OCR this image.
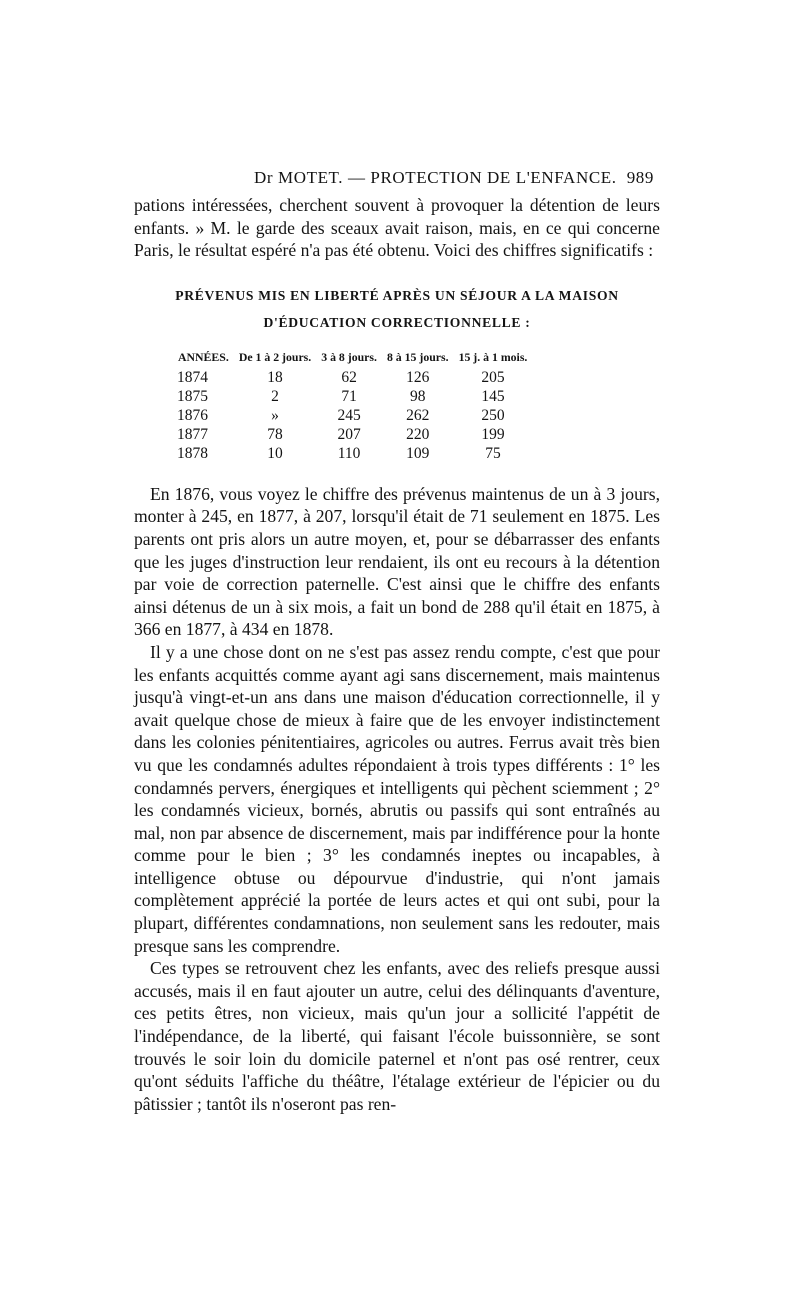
Dr MOTET. — PROTECTION DE L'ENFANCE. 989

pations intéressées, cherchent souvent à provoquer la détention de leurs enfants. » M. le garde des sceaux avait raison, mais, en ce qui concerne Paris, le résultat espéré n'a pas été obtenu. Voici des chiffres significatifs :

PRÉVENUS MIS EN LIBERTÉ APRÈS UN SÉJOUR A LA MAISON
D'ÉDUCATION CORRECTIONNELLE :
ANNÉES.	De 1 à 2 jours.	3 à 8 jours.	8 à 15 jours.	15 j. à 1 mois.
1874	18	62	126	205
1875	2	71	98	145
1876	»	245	262	250
1877	78	207	220	199
1878	10	110	109	75

En 1876, vous voyez le chiffre des prévenus maintenus de un à 3 jours, monter à 245, en 1877, à 207, lorsqu'il était de 71 seulement en 1875. Les parents ont pris alors un autre moyen, et, pour se débarrasser des enfants que les juges d'instruction leur rendaient, ils ont eu recours à la détention par voie de correction paternelle. C'est ainsi que le chiffre des enfants ainsi détenus de un à six mois, a fait un bond de 288 qu'il était en 1875, à 366 en 1877, à 434 en 1878.

Il y a une chose dont on ne s'est pas assez rendu compte, c'est que pour les enfants acquittés comme ayant agi sans discernement, mais maintenus jusqu'à vingt-et-un ans dans une maison d'éducation correctionnelle, il y avait quelque chose de mieux à faire que de les envoyer indistinctement dans les colonies pénitentiaires, agricoles ou autres. Ferrus avait très bien vu que les condamnés adultes répondaient à trois types différents : 1° les condamnés pervers, énergiques et intelligents qui pèchent sciemment ; 2° les condamnés vicieux, bornés, abrutis ou passifs qui sont entraînés au mal, non par absence de discernement, mais par indifférence pour la honte comme pour le bien ; 3° les condamnés ineptes ou incapables, à intelligence obtuse ou dépourvue d'industrie, qui n'ont jamais complètement apprécié la portée de leurs actes et qui ont subi, pour la plupart, différentes condamnations, non seulement sans les redouter, mais presque sans les comprendre.

Ces types se retrouvent chez les enfants, avec des reliefs presque aussi accusés, mais il en faut ajouter un autre, celui des délinquants d'aventure, ces petits êtres, non vicieux, mais qu'un jour a sollicité l'appétit de l'indépendance, de la liberté, qui faisant l'école buissonnière, se sont trouvés le soir loin du domicile paternel et n'ont pas osé rentrer, ceux qu'ont séduits l'affiche du théâtre, l'étalage extérieur de l'épicier ou du pâtissier ; tantôt ils n'oseront pas ren-
